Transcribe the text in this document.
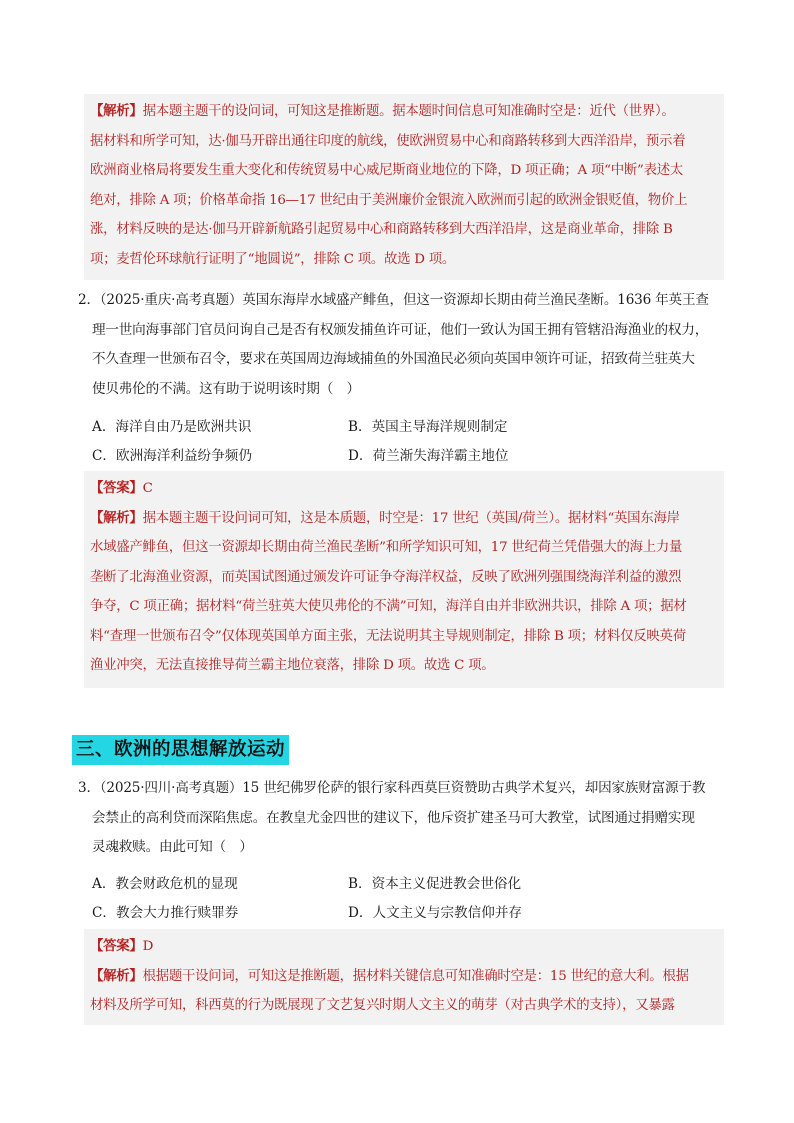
【解析】据本题主题干的设问词，可知这是推断题。据本题时间信息可知准确时空是：近代（世界）。

据材料和所学可知，达·伽马开辟出通往印度的航线，使欧洲贸易中心和商路转移到大西洋沿岸，预示着

欧洲商业格局将要发生重大变化和传统贸易中心威尼斯商业地位的下降，D 项正确；A 项“中断”表述太

绝对，排除 A 项；价格革命指 16—17 世纪由于美洲廉价金银流入欧洲而引起的欧洲金银贬值，物价上

涨，材料反映的是达·伽马开辟新航路引起贸易中心和商路转移到大西洋沿岸，这是商业革命，排除 B

项；麦哲伦环球航行证明了“地圆说”，排除 C 项。故选 D 项。

2．（2025·重庆·高考真题）英国东海岸水域盛产鲱鱼，但这一资源却长期由荷兰渔民垄断。1636 年英王查

理一世向海事部门官员问询自己是否有权颁发捕鱼许可证，他们一致认为国王拥有管辖沿海渔业的权力，

不久查理一世颁布召令，要求在英国周边海域捕鱼的外国渔民必须向英国申领许可证，招致荷兰驻英大

使贝弗伦的不满。这有助于说明该时期（　）

A．海洋自由乃是欧洲共识	B．英国主导海洋规则制定
C．欧洲海洋利益纷争频仍	D．荷兰渐失海洋霸主地位

【答案】C

【解析】据本题主题干设问词可知，这是本质题，时空是：17 世纪（英国/荷兰）。据材料“英国东海岸

水域盛产鲱鱼，但这一资源却长期由荷兰渔民垄断”和所学知识可知，17 世纪荷兰凭借强大的海上力量

垄断了北海渔业资源，而英国试图通过颁发许可证争夺海洋权益，反映了欧洲列强围绕海洋利益的激烈

争夺，C 项正确；据材料“荷兰驻英大使贝弗伦的不满”可知，海洋自由并非欧洲共识，排除 A 项；据材

料“查理一世颁布召令”仅体现英国单方面主张，无法说明其主导规则制定，排除 B 项；材料仅反映英荷

渔业冲突，无法直接推导荷兰霸主地位衰落，排除 D 项。故选 C 项。

三、欧洲的思想解放运动

3．（2025·四川·高考真题）15 世纪佛罗伦萨的银行家科西莫巨资赞助古典学术复兴，却因家族财富源于教

会禁止的高利贷而深陷焦虑。在教皇尤金四世的建议下，他斥资扩建圣马可大教堂，试图通过捐赠实现

灵魂救赎。由此可知（　）

A．教会财政危机的显现	B．资本主义促进教会世俗化
C．教会大力推行赎罪券	D．人文主义与宗教信仰并存

【答案】D

【解析】根据题干设问词，可知这是推断题，据材料关键信息可知准确时空是：15 世纪的意大利。根据

材料及所学可知，科西莫的行为既展现了文艺复兴时期人文主义的萌芽（对古典学术的支持），又暴露
